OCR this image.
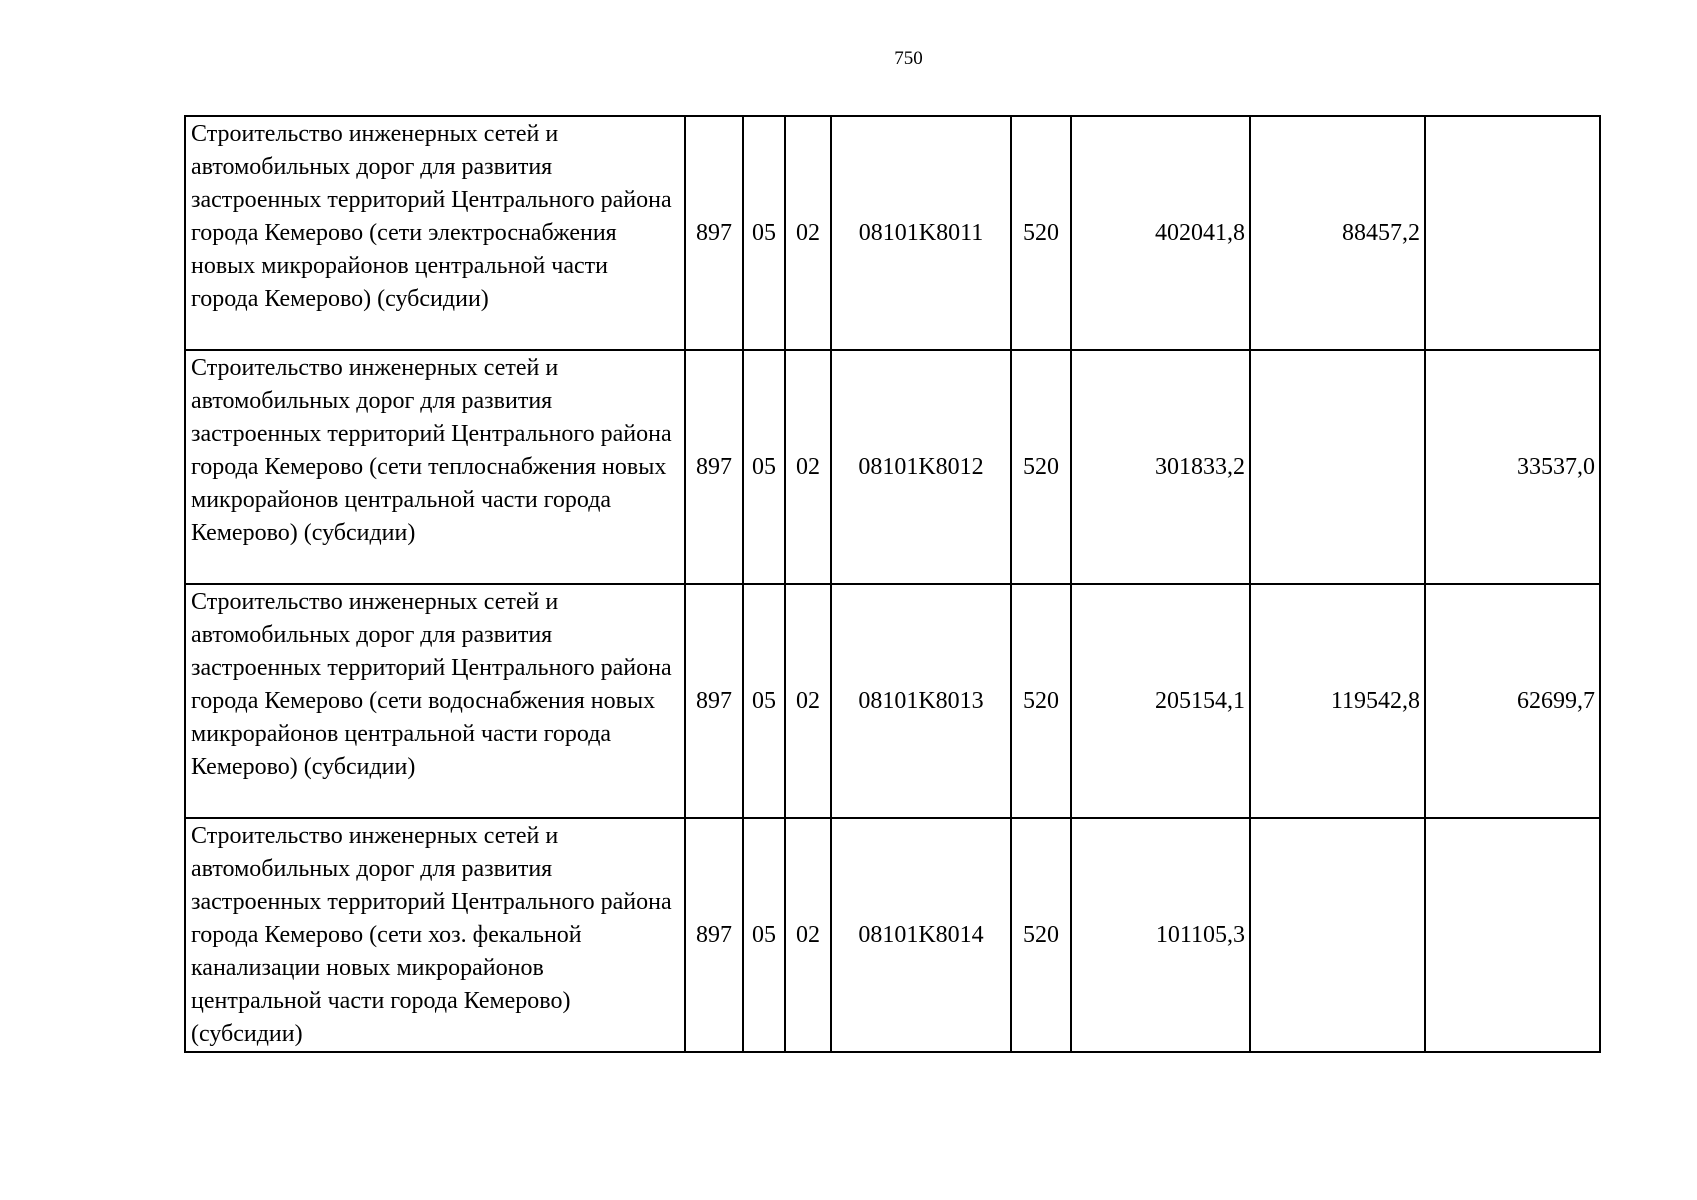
750
Строительство инженерных сетей и автомобильных дорог для развития застроенных территорий Центрального района города Кемерово (сети электроснабжения новых микрорайонов центральной части города Кемерово) (субсидии)	897	05	02	08101K8011	520	402041,8	88457,2	
Строительство инженерных сетей и автомобильных дорог для развития застроенных территорий Центрального района города Кемерово (сети теплоснабжения новых микрорайонов центральной части города Кемерово) (субсидии)	897	05	02	08101K8012	520	301833,2		33537,0
Строительство инженерных сетей и автомобильных дорог для развития застроенных территорий Центрального района города Кемерово (сети водоснабжения новых микрорайонов центральной части города Кемерово) (субсидии)	897	05	02	08101K8013	520	205154,1	119542,8	62699,7
Строительство инженерных сетей и автомобильных дорог для развития застроенных территорий Центрального района города Кемерово (сети хоз. фекальной канализации новых микрорайонов центральной части города Кемерово) (субсидии)	897	05	02	08101K8014	520	101105,3		
